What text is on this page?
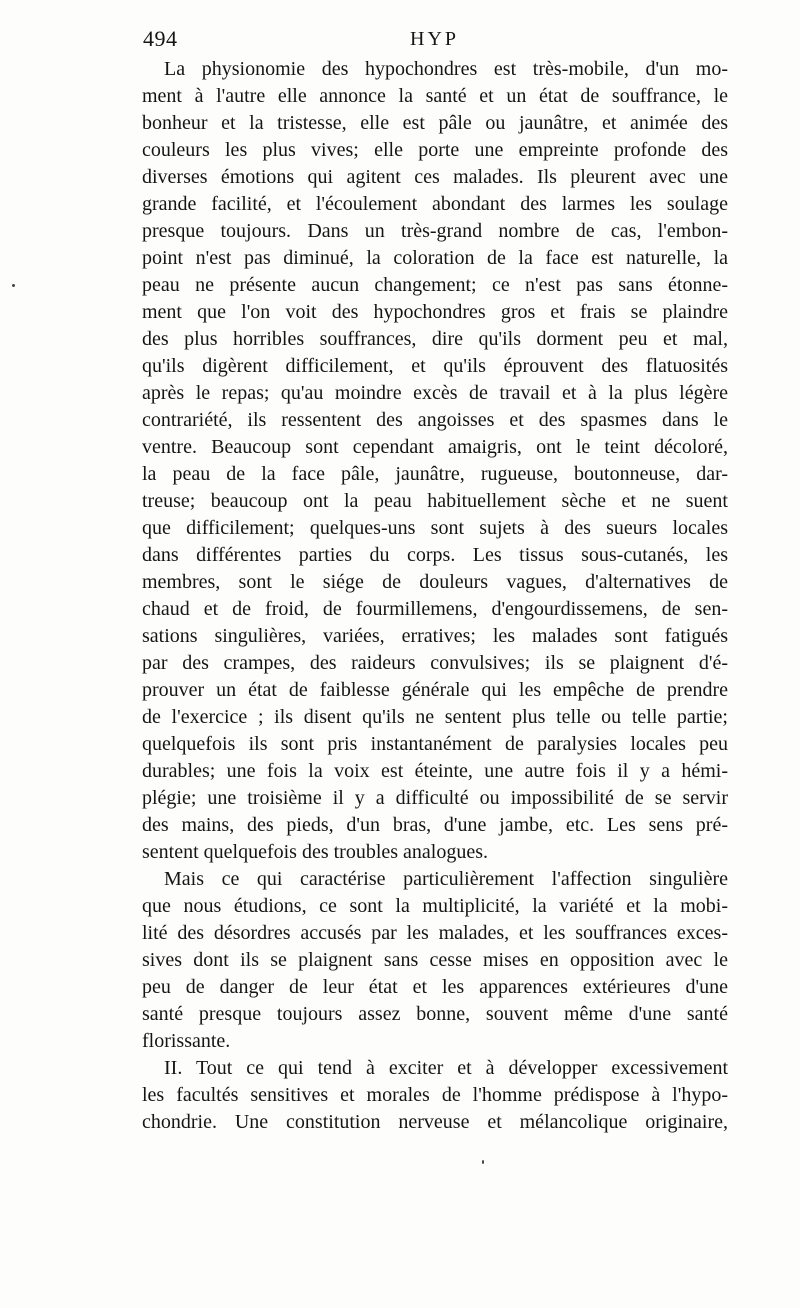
494	HYP
La physionomie des hypochondres est très-mobile, d'un mo-
ment à l'autre elle annonce la santé et un état de souffrance, le
bonheur et la tristesse, elle est pâle ou jaunâtre, et animée des
couleurs les plus vives; elle porte une empreinte profonde des
diverses émotions qui agitent ces malades. Ils pleurent avec une
grande facilité, et l'écoulement abondant des larmes les soulage
presque toujours. Dans un très-grand nombre de cas, l'embon-
point n'est pas diminué, la coloration de la face est naturelle, la
peau ne présente aucun changement; ce n'est pas sans étonne-
ment que l'on voit des hypochondres gros et frais se plaindre
des plus horribles souffrances, dire qu'ils dorment peu et mal,
qu'ils digèrent difficilement, et qu'ils éprouvent des flatuosités
après le repas; qu'au moindre excès de travail et à la plus légère
contrariété, ils ressentent des angoisses et des spasmes dans le
ventre. Beaucoup sont cependant amaigris, ont le teint décoloré,
la peau de la face pâle, jaunâtre, rugueuse, boutonneuse, dar-
treuse; beaucoup ont la peau habituellement sèche et ne suent
que difficilement; quelques-uns sont sujets à des sueurs locales
dans différentes parties du corps. Les tissus sous-cutanés, les
membres, sont le siége de douleurs vagues, d'alternatives de
chaud et de froid, de fourmillemens, d'engourdissemens, de sen-
sations singulières, variées, erratives; les malades sont fatigués
par des crampes, des raideurs convulsives; ils se plaignent d'é-
prouver un état de faiblesse générale qui les empêche de prendre
de l'exercice ; ils disent qu'ils ne sentent plus telle ou telle partie;
quelquefois ils sont pris instantanément de paralysies locales peu
durables; une fois la voix est éteinte, une autre fois il y a hémi-
plégie; une troisième il y a difficulté ou impossibilité de se servir
des mains, des pieds, d'un bras, d'une jambe, etc. Les sens pré-
sentent quelquefois des troubles analogues.
Mais ce qui caractérise particulièrement l'affection singulière
que nous étudions, ce sont la multiplicité, la variété et la mobi-
lité des désordres accusés par les malades, et les souffrances exces-
sives dont ils se plaignent sans cesse mises en opposition avec le
peu de danger de leur état et les apparences extérieures d'une
santé presque toujours assez bonne, souvent même d'une santé
florissante.
II. Tout ce qui tend à exciter et à développer excessivement
les facultés sensitives et morales de l'homme prédispose à l'hypo-
chondrie. Une constitution nerveuse et mélancolique originaire,
